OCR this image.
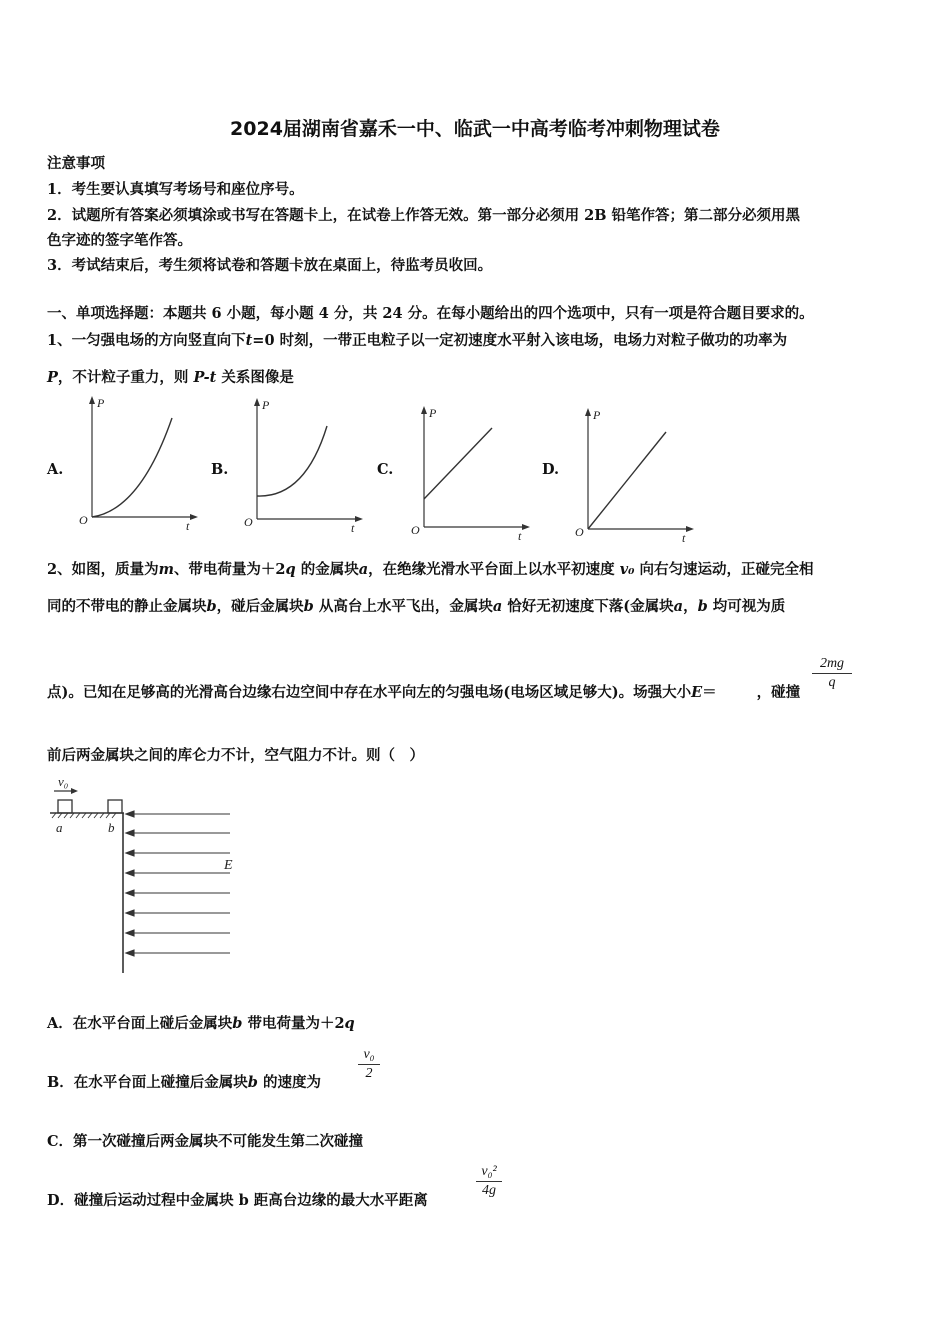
2024届湖南省嘉禾一中、临武一中高考临考冲刺物理试卷
注意事项
1．考生要认真填写考场号和座位序号。
2．试题所有答案必须填涂或书写在答题卡上，在试卷上作答无效。第一部分必须用 2B 铅笔作答；第二部分必须用黑
色字迹的签字笔作答。
3．考试结束后，考生须将试卷和答题卡放在桌面上，待监考员收回。
一、单项选择题：本题共 6 小题，每小题 4 分，共 24 分。在每小题给出的四个选项中，只有一项是符合题目要求的。
1、一匀强电场的方向竖直向下t=0 时刻，一带正电粒子以一定初速度水平射入该电场，电场力对粒子做功的功率为
P，不计粒子重力，则 P-t 关系图像是
A.
P
t
O
B.
P
t
O
C.
P
t
O
D.
P
t
O
2、如图，质量为m、带电荷量为＋2q 的金属块a，在绝缘光滑水平台面上以水平初速度 v₀ 向右匀速运动，正碰完全相
同的不带电的静止金属块b，碰后金属块b 从高台上水平飞出，金属块a 恰好无初速度下落(金属块a，b 均可视为质
点)。已知在足够高的光滑高台边缘右边空间中存在水平向左的匀强电场(电场区域足够大)。场强大小E＝	，碰撞
2mg
q
前后两金属块之间的库仑力不计，空气阻力不计。则（　）
v₀
a	b
E
A．在水平台面上碰后金属块b 带电荷量为＋2q
B．在水平台面上碰撞后金属块b 的速度为
v₀
2
C．第一次碰撞后两金属块不可能发生第二次碰撞
D．碰撞后运动过程中金属块 b 距高台边缘的最大水平距离
v₀²
4g
